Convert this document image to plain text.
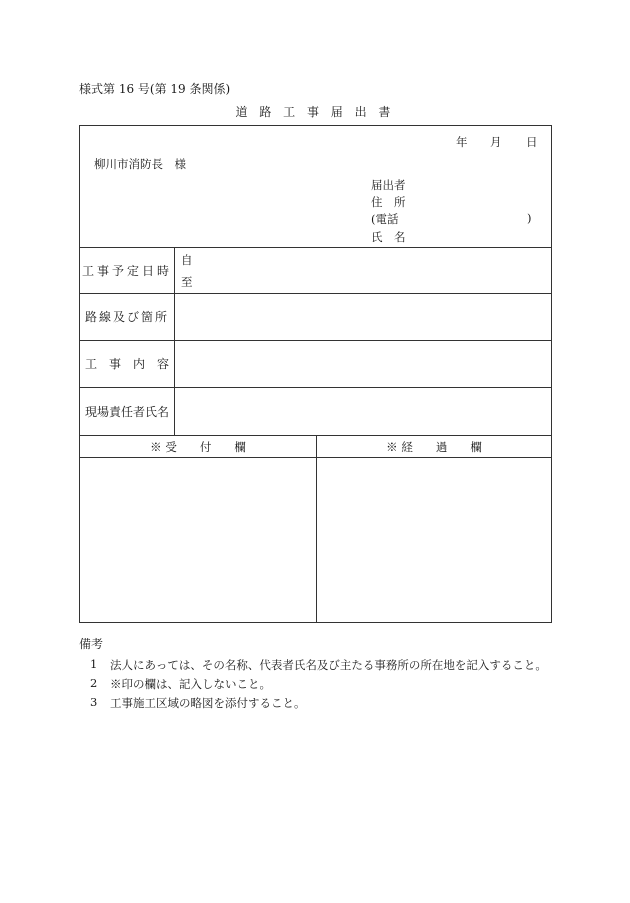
様式第 16 号(第 19 条関係)
道 路 工 事 届 出 書
年 月 日
柳川市消防長　様
届出者
住　所
(電話	)
氏　名
工事予定日時
自
至
路線及び箇所
工　事　内　容
現場責任者氏名
※ 受　　付　　欄	※ 経　　過　　欄
備考
1 法人にあっては、その名称、代表者氏名及び主たる事務所の所在地を記入すること。
2 ※印の欄は、記入しないこと。
3 工事施工区域の略図を添付すること。
